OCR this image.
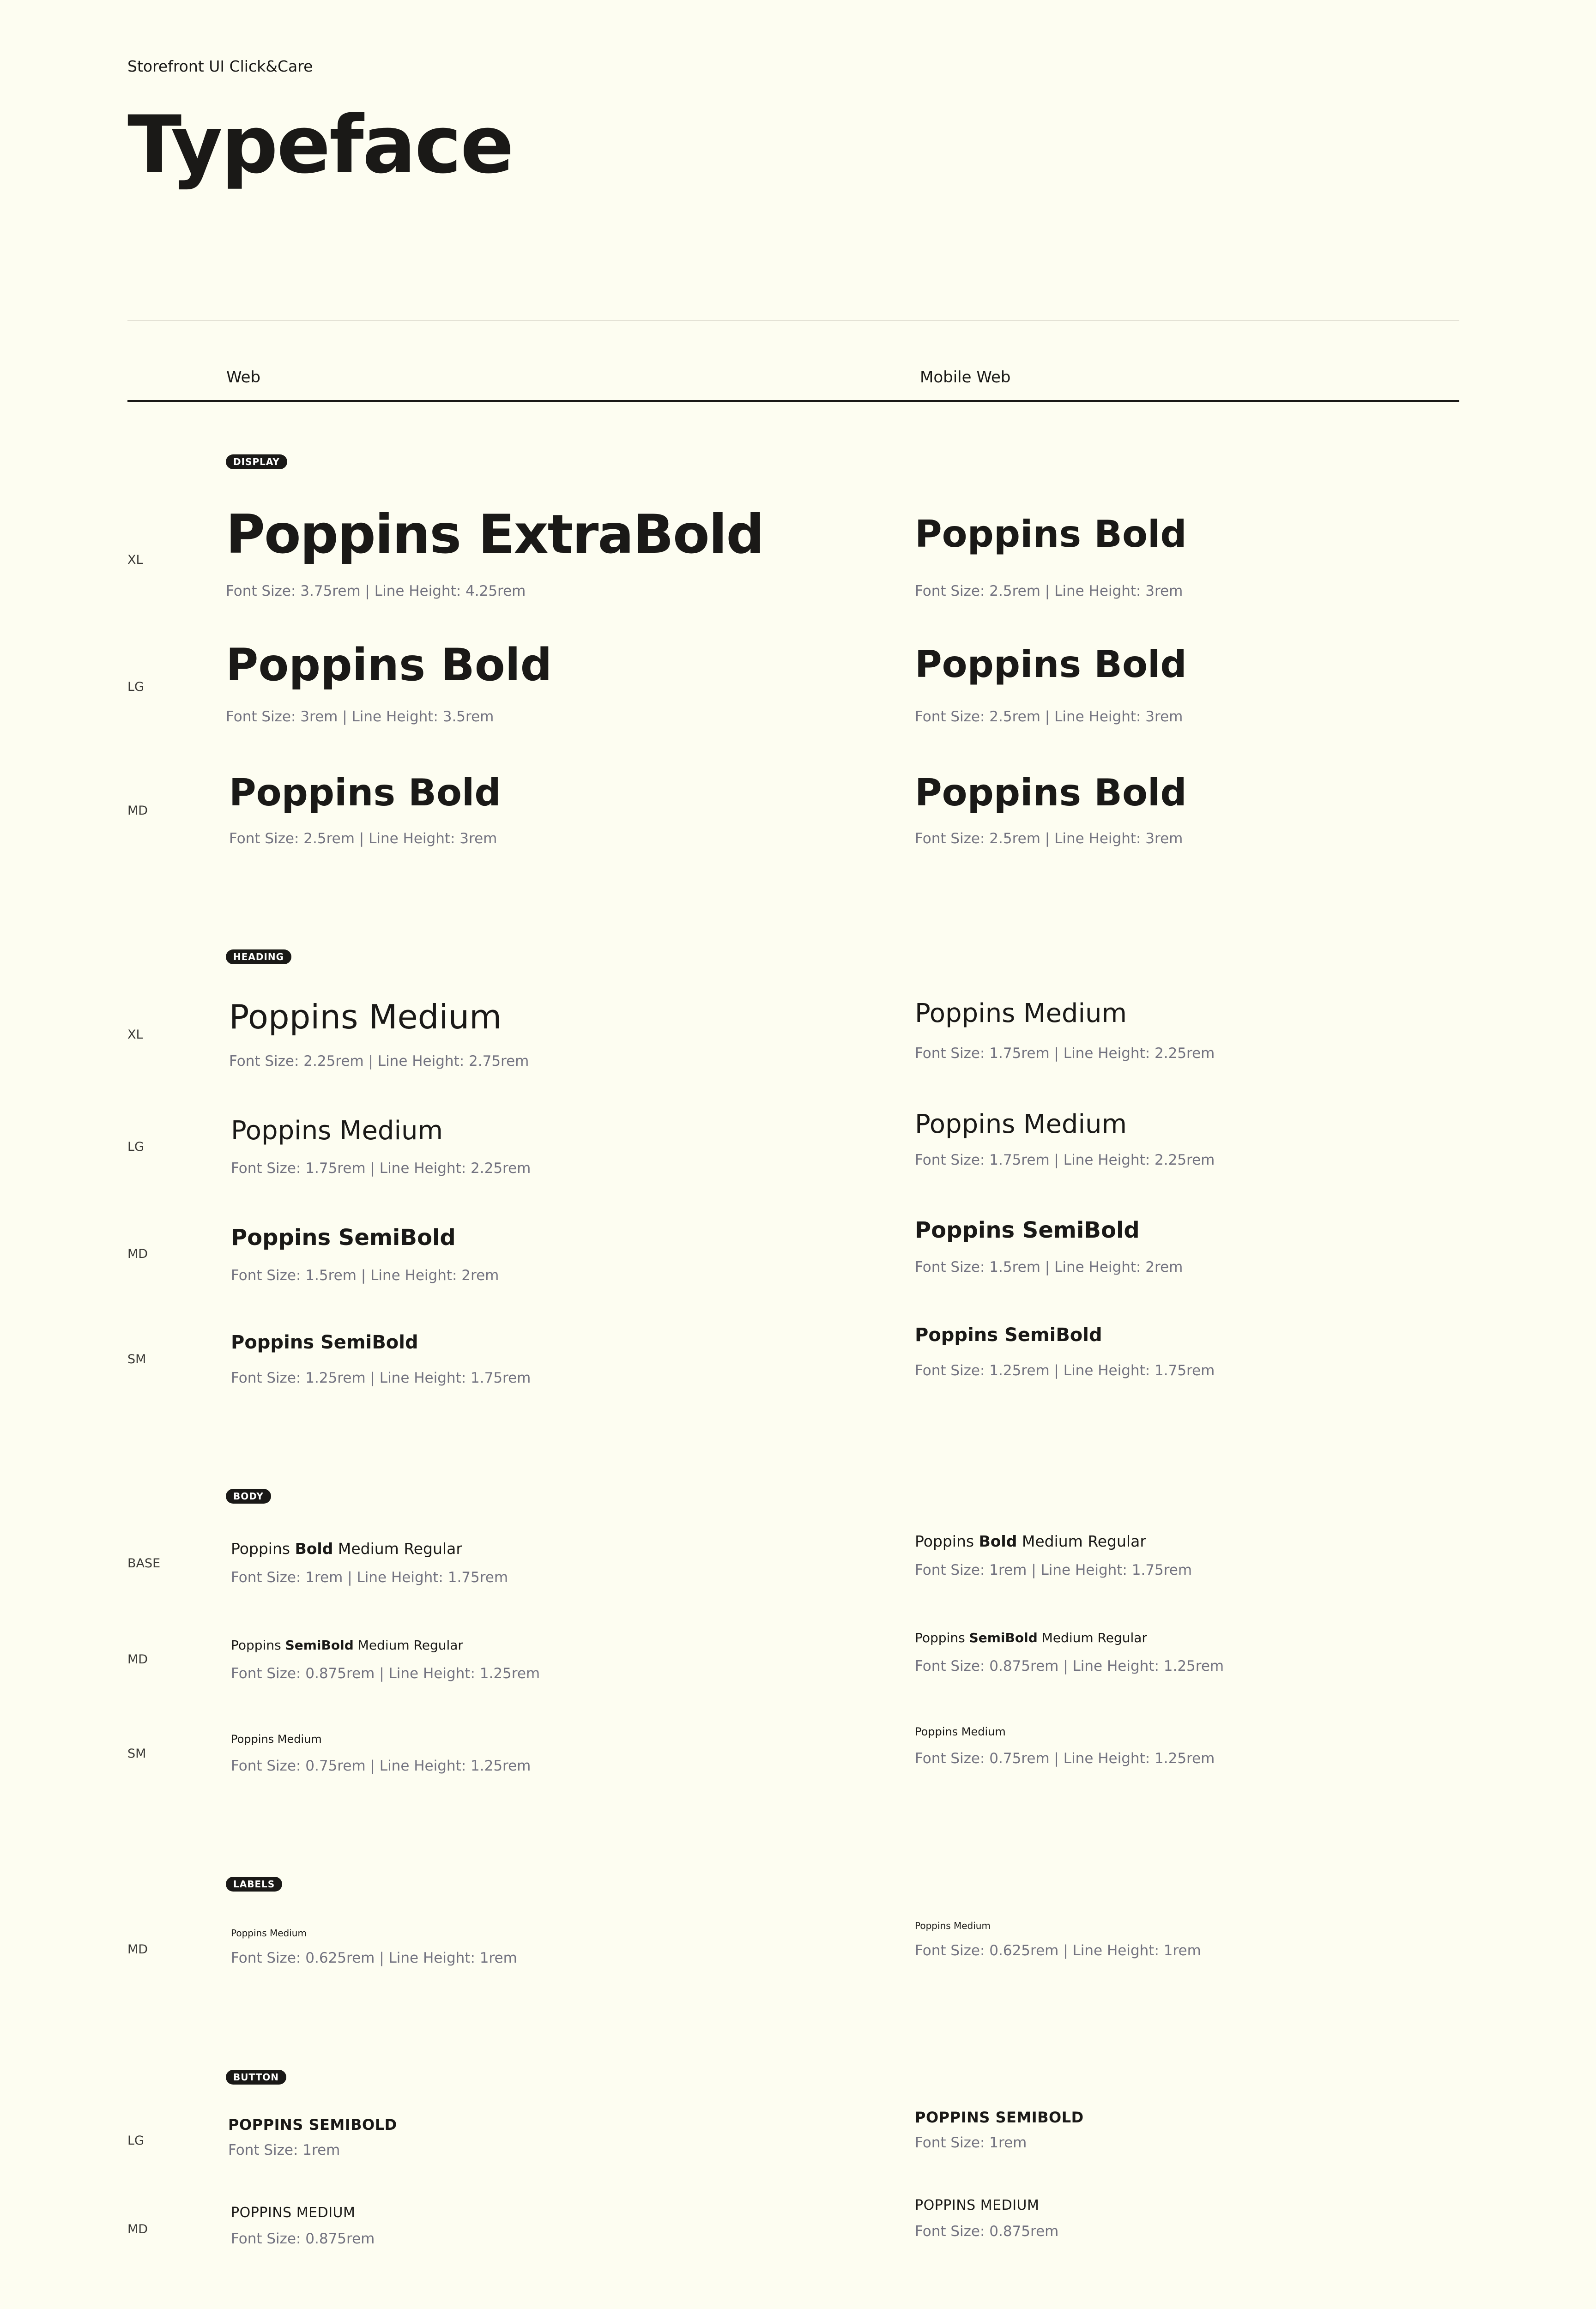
Storefront UI Click&Care
Typeface
Web	Mobile Web
DISPLAY
XL Poppins ExtraBold
Font Size: 3.75rem | Line Height: 4.25rem
Poppins Bold
Font Size: 2.5rem | Line Height: 3rem
LG Poppins Bold
Font Size: 3rem | Line Height: 3.5rem
Poppins Bold
Font Size: 2.5rem | Line Height: 3rem
MD Poppins Bold
Font Size: 2.5rem | Line Height: 3rem
Poppins Bold
Font Size: 2.5rem | Line Height: 3rem
HEADING
XL	Poppins Medium
Font Size: 2.25rem | Line Height: 2.75rem
Poppins Medium
Font Size: 1.75rem | Line Height: 2.25rem
LG
Poppins Medium
Font Size: 1.75rem | Line Height: 2.25rem
Poppins Medium
Font Size: 1.75rem | Line Height: 2.25rem
MD
Poppins SemiBold
Font Size: 1.5rem | Line Height: 2rem
Poppins SemiBold
Font Size: 1.5rem | Line Height: 2rem
SM
Poppins SemiBold
Font Size: 1.25rem | Line Height: 1.75rem
Poppins SemiBold
Font Size: 1.25rem | Line Height: 1.75rem
BODY
BASE
Poppins Bold Medium Regular
Font Size: 1rem | Line Height: 1.75rem
Poppins Bold Medium Regular
Font Size: 1rem | Line Height: 1.75rem
MD
Poppins SemiBold Medium Regular
Font Size: 0.875rem | Line Height: 1.25rem
Poppins SemiBold Medium Regular
Font Size: 0.875rem | Line Height: 1.25rem
SM
Poppins Medium
Font Size: 0.75rem | Line Height: 1.25rem
Poppins Medium
Font Size: 0.75rem | Line Height: 1.25rem
LABELS
MD
Poppins Medium
Font Size: 0.625rem | Line Height: 1rem
Poppins Medium
Font Size: 0.625rem | Line Height: 1rem
BUTTON
LG
POPPINS SEMIBOLD
Font Size: 1rem
POPPINS SEMIBOLD
Font Size: 1rem
MD
POPPINS MEDIUM
Font Size: 0.875rem
POPPINS MEDIUM
Font Size: 0.875rem
